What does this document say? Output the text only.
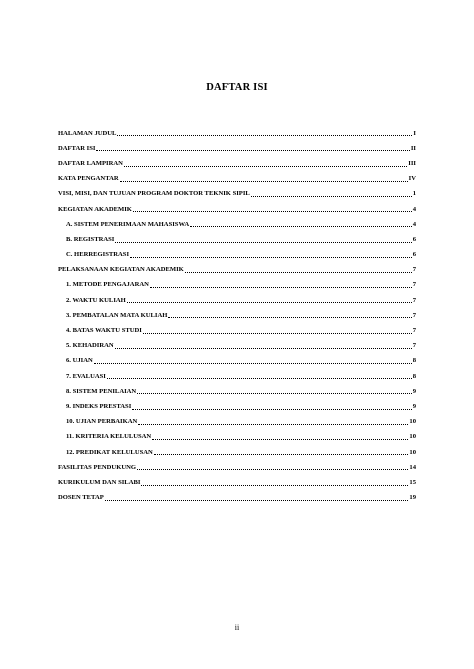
DAFTAR ISI
HALAMAN JUDUL	I
DAFTAR ISI	II
DAFTAR LAMPIRAN	III
KATA PENGANTAR	IV
VISI, MISI, DAN TUJUAN PROGRAM DOKTOR TEKNIK SIPIL	1
KEGIATAN AKADEMIK	4
A. SISTEM PENERIMAAN MAHASISWA	4
B. REGISTRASI	6
C. HERREGISTRASI	6
PELAKSANAAN KEGIATAN AKADEMIK	7
1. METODE PENGAJARAN	7
2. WAKTU KULIAH	7
3. PEMBATALAN MATA KULIAH	7
4. BATAS WAKTU STUDI	7
5. KEHADIRAN	7
6. UJIAN	8
7. EVALUASI	8
8. SISTEM PENILAIAN	9
9. INDEKS PRESTASI	9
10. UJIAN PERBAIKAN	10
11. KRITERIA KELULUSAN	10
12. PREDIKAT KELULUSAN	10
FASILITAS PENDUKUNG	14
KURIKULUM DAN SILABI	15
DOSEN TETAP	19
ii
